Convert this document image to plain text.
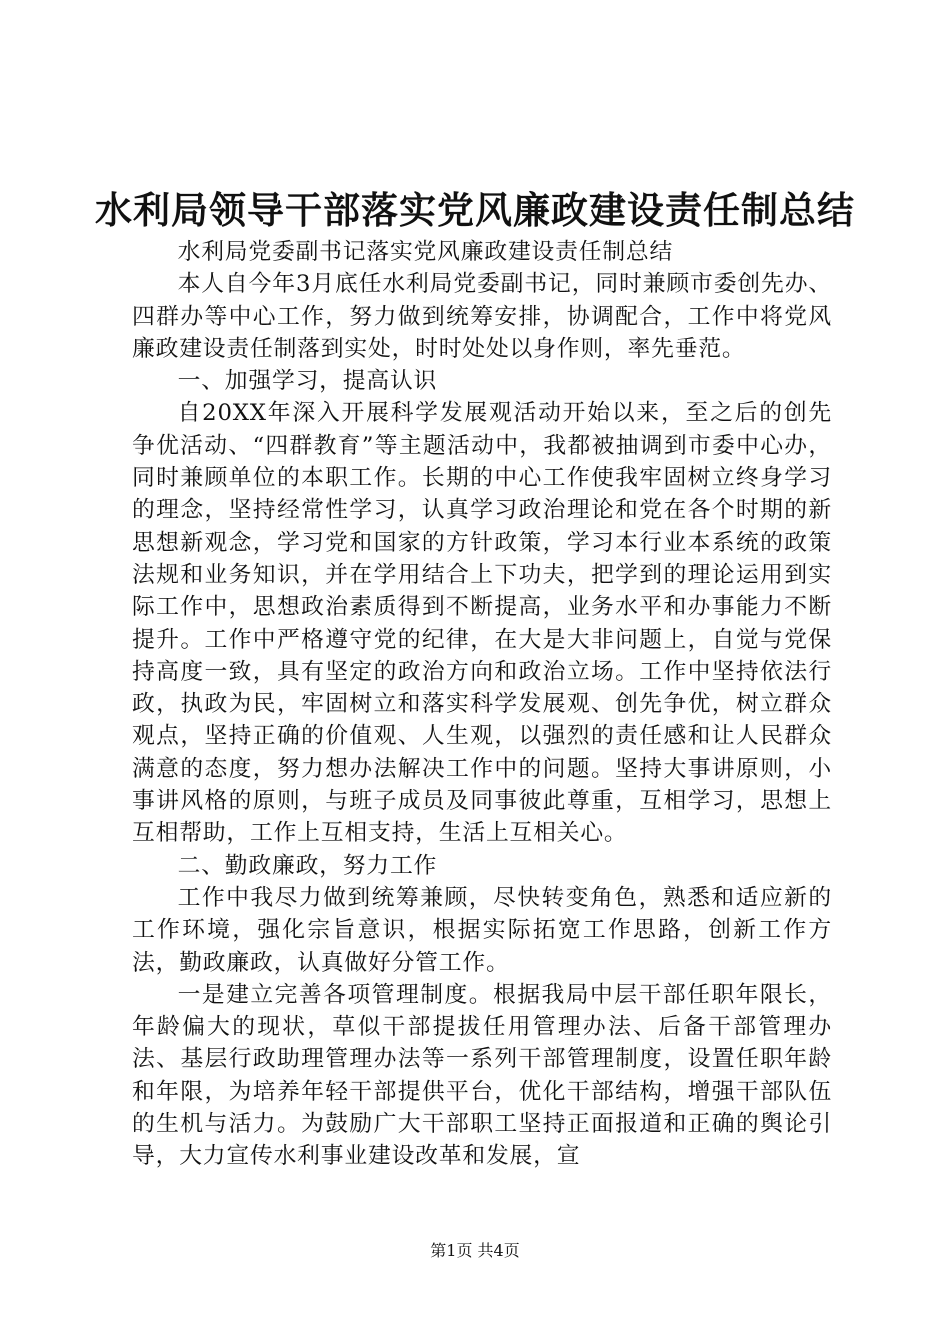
水利局领导干部落实党风廉政建设责任制总结

水利局党委副书记落实党风廉政建设责任制总结

本人自今年3月底任水利局党委副书记，同时兼顾市委创先办、四群办等中心工作，努力做到统筹安排，协调配合，工作中将党风廉政建设责任制落到实处，时时处处以身作则，率先垂范。

一、加强学习，提高认识

自20XX年深入开展科学发展观活动开始以来，至之后的创先争优活动、“四群教育”等主题活动中，我都被抽调到市委中心办，同时兼顾单位的本职工作。长期的中心工作使我牢固树立终身学习的理念，坚持经常性学习，认真学习政治理论和党在各个时期的新思想新观念，学习党和国家的方针政策，学习本行业本系统的政策法规和业务知识，并在学用结合上下功夫，把学到的理论运用到实际工作中，思想政治素质得到不断提高，业务水平和办事能力不断提升。工作中严格遵守党的纪律，在大是大非问题上，自觉与党保持高度一致，具有坚定的政治方向和政治立场。工作中坚持依法行政，执政为民，牢固树立和落实科学发展观、创先争优，树立群众观点，坚持正确的价值观、人生观，以强烈的责任感和让人民群众满意的态度，努力想办法解决工作中的问题。坚持大事讲原则，小事讲风格的原则，与班子成员及同事彼此尊重，互相学习，思想上互相帮助，工作上互相支持，生活上互相关心。

二、勤政廉政，努力工作

工作中我尽力做到统筹兼顾，尽快转变角色，熟悉和适应新的工作环境，强化宗旨意识，根据实际拓宽工作思路，创新工作方法，勤政廉政，认真做好分管工作。

一是建立完善各项管理制度。根据我局中层干部任职年限长，年龄偏大的现状，草似干部提拔任用管理办法、后备干部管理办法、基层行政助理管理办法等一系列干部管理制度，设置任职年龄和年限，为培养年轻干部提供平台，优化干部结构，增强干部队伍的生机与活力。为鼓励广大干部职工坚持正面报道和正确的舆论引导，大力宣传水利事业建设改革和发展，宣

第1页 共4页
